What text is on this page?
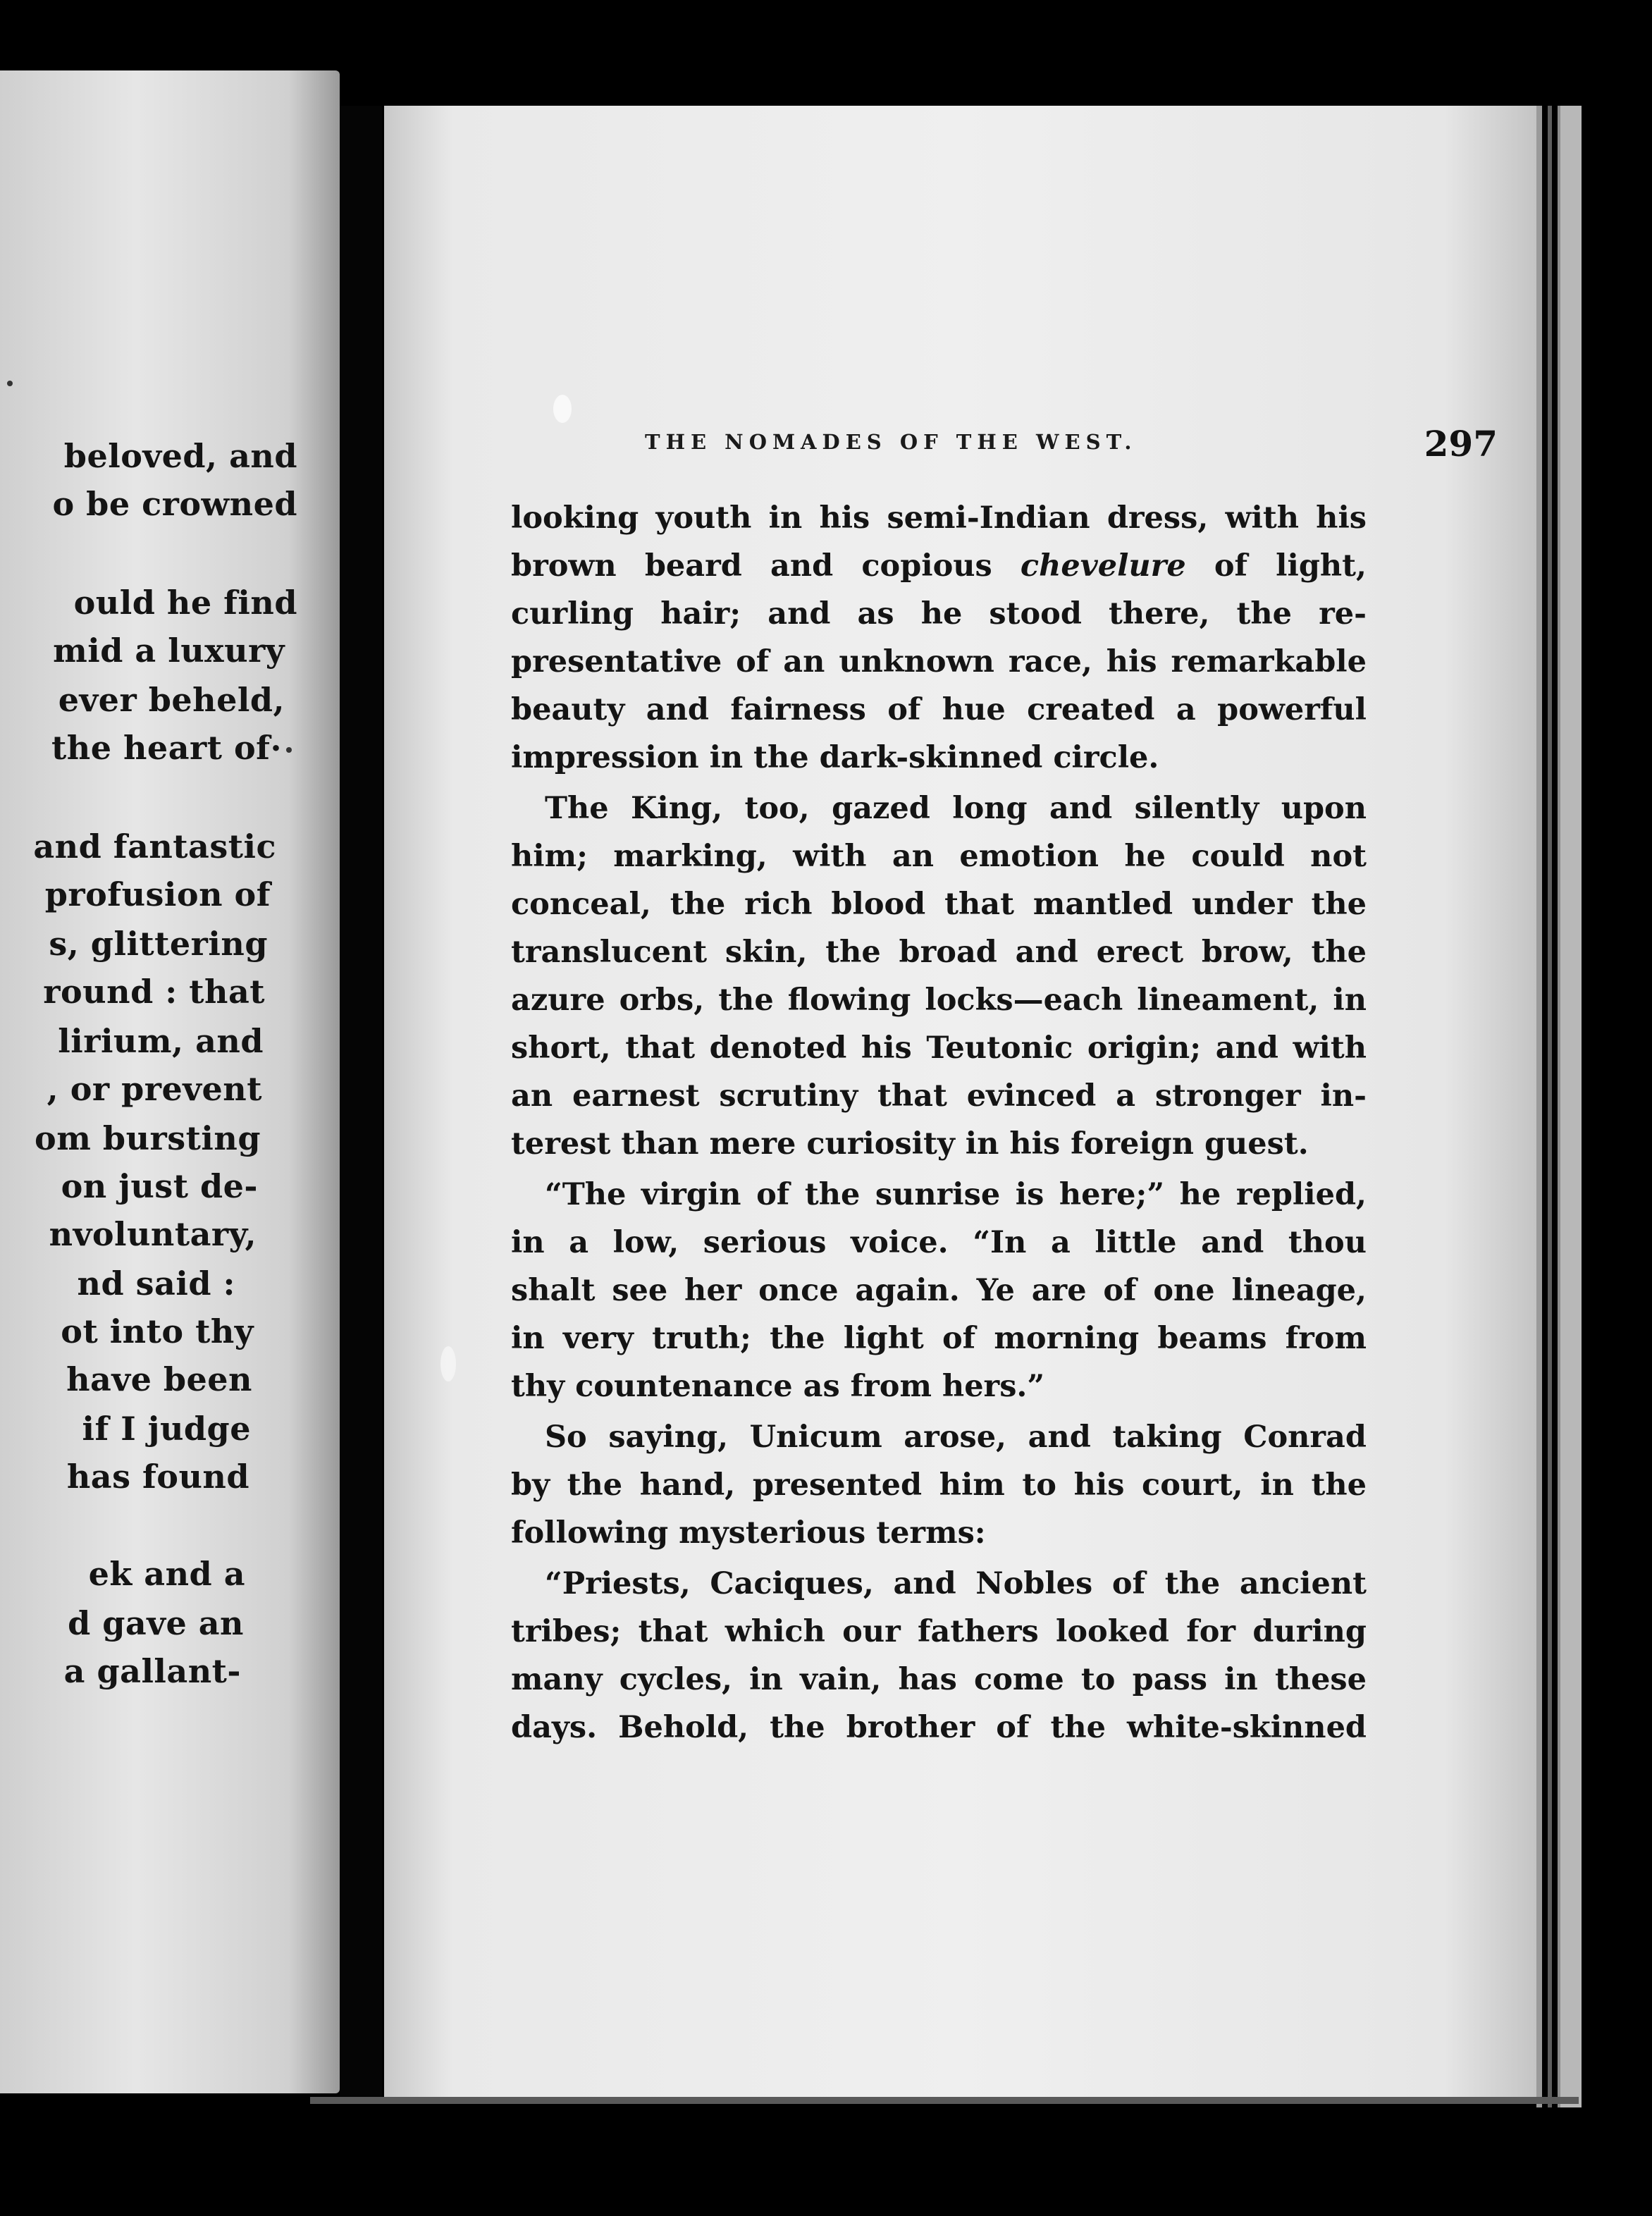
beloved, and
o be crowned
ould he find
mid a luxury
ever beheld,
the heart of·
and fantastic
profusion of
s, glittering
round : that
lirium, and
, or prevent
om bursting
on just de-
nvoluntary,
nd said :
ot into thy
have been
if I judge
has found
ek and a
d gave an
a gallant-
THE NOMADES OF THE WEST.	297
looking youth in his semi-Indian dress, with his
brown beard and copious chevelure of light,
curling hair; and as he stood there, the re-
presentative of an unknown race, his remarkable
beauty and fairness of hue created a powerful
impression in the dark-skinned circle.
The King, too, gazed long and silently upon
him; marking, with an emotion he could not
conceal, the rich blood that mantled under the
translucent skin, the broad and erect brow, the
azure orbs, the flowing locks—each lineament, in
short, that denoted his Teutonic origin; and with
an earnest scrutiny that evinced a stronger in-
terest than mere curiosity in his foreign guest.
“The virgin of the sunrise is here;” he replied,
in a low, serious voice. “In a little and thou
shalt see her once again. Ye are of one lineage,
in very truth; the light of morning beams from
thy countenance as from hers.”
So saying, Unicum arose, and taking Conrad
by the hand, presented him to his court, in the
following mysterious terms:
“Priests, Caciques, and Nobles of the ancient
tribes; that which our fathers looked for during
many cycles, in vain, has come to pass in these
days. Behold, the brother of the white-skinned
